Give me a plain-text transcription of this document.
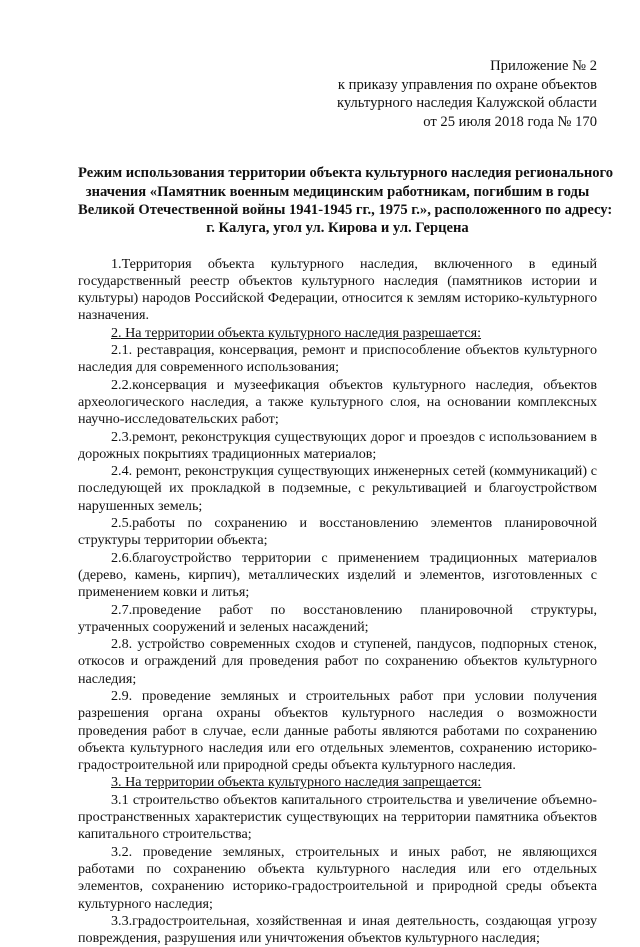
Приложение № 2
к приказу управления по охране объектов
культурного наследия Калужской области
от 25 июля 2018 года № 170
Режим использования территории объекта культурного наследия регионального
значения «Памятник военным медицинским работникам, погибшим в годы
Великой Отечественной войны 1941-1945 гг., 1975 г.», расположенного по адресу:
г. Калуга, угол ул. Кирова и ул. Герцена

1.Территория объекта культурного наследия, включенного в единый государственный реестр объектов культурного наследия (памятников истории и культуры) народов Российской Федерации, относится к землям историко-культурного назначения.

2. На территории объекта культурного наследия разрешается:

2.1. реставрация, консервация, ремонт и приспособление объектов культурного наследия для современного использования;

2.2.консервация и музеефикация объектов культурного наследия, объектов археологического наследия, а также культурного слоя, на основании комплексных научно-исследовательских работ;

2.3.ремонт, реконструкция существующих дорог и проездов с использованием в дорожных покрытиях традиционных материалов;

2.4. ремонт, реконструкция существующих инженерных сетей (коммуникаций) с последующей их прокладкой в подземные, с рекультивацией и благоустройством нарушенных земель;

2.5.работы по сохранению и восстановлению элементов планировочной структуры территории объекта;

2.6.благоустройство территории с применением традиционных материалов (дерево, камень, кирпич), металлических изделий и элементов, изготовленных с применением ковки и литья;

2.7.проведение работ по восстановлению планировочной структуры, утраченных сооружений и зеленых насаждений;

2.8. устройство современных сходов и ступеней, пандусов, подпорных стенок, откосов и ограждений для проведения работ по сохранению объектов культурного наследия;

2.9. проведение земляных и строительных работ при условии получения разрешения органа охраны объектов культурного наследия о возможности проведения работ в случае, если данные работы являются работами по сохранению объекта культурного наследия или его отдельных элементов, сохранению историко-градостроительной или природной среды объекта культурного наследия.

3. На территории объекта культурного наследия запрещается:

3.1 строительство объектов капитального строительства и увеличение объемно-пространственных характеристик существующих на территории памятника объектов капитального строительства;

3.2. проведение земляных, строительных и иных работ, не являющихся работами по сохранению объекта культурного наследия или его отдельных элементов, сохранению историко-градостроительной и природной среды объекта культурного наследия;

3.3.градостроительная, хозяйственная и иная деятельность, создающая угрозу повреждения, разрушения или уничтожения объектов культурного наследия;
